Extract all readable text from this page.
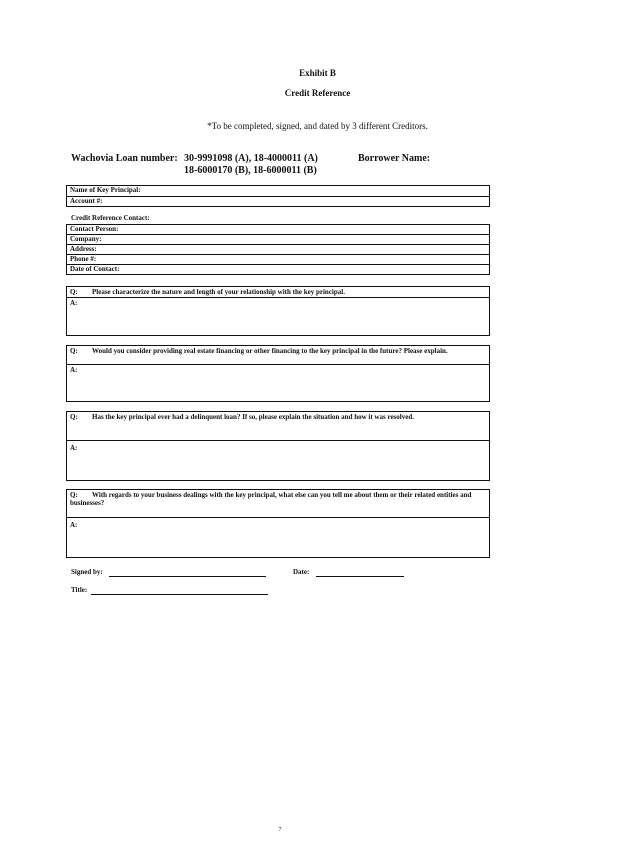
Exhibit B
Credit Reference
*To be completed, signed, and dated by 3 different Creditors.
Wachovia Loan number: 30-9991098 (A), 18-4000011 (A)
18-6000170 (B), 18-6000011 (B)
Borrower Name:
Name of Key Principal:
Account #:
Credit Reference Contact:
Contact Person:
Company:
Address:
Phone #:
Date of Contact:
Q: Please characterize the nature and length of your relationship with the key principal.
A:
Q: Would you consider providing real estate financing or other financing to the key principal in the future? Please explain.
A:
Q: Has the key principal ever had a delinquent loan? If so, please explain the situation and how it was resolved.
A:
Q: With regards to your business dealings with the key principal, what else can you tell me about them or their related entities and businesses?
A:
Signed by:	Date:
Title:
7
